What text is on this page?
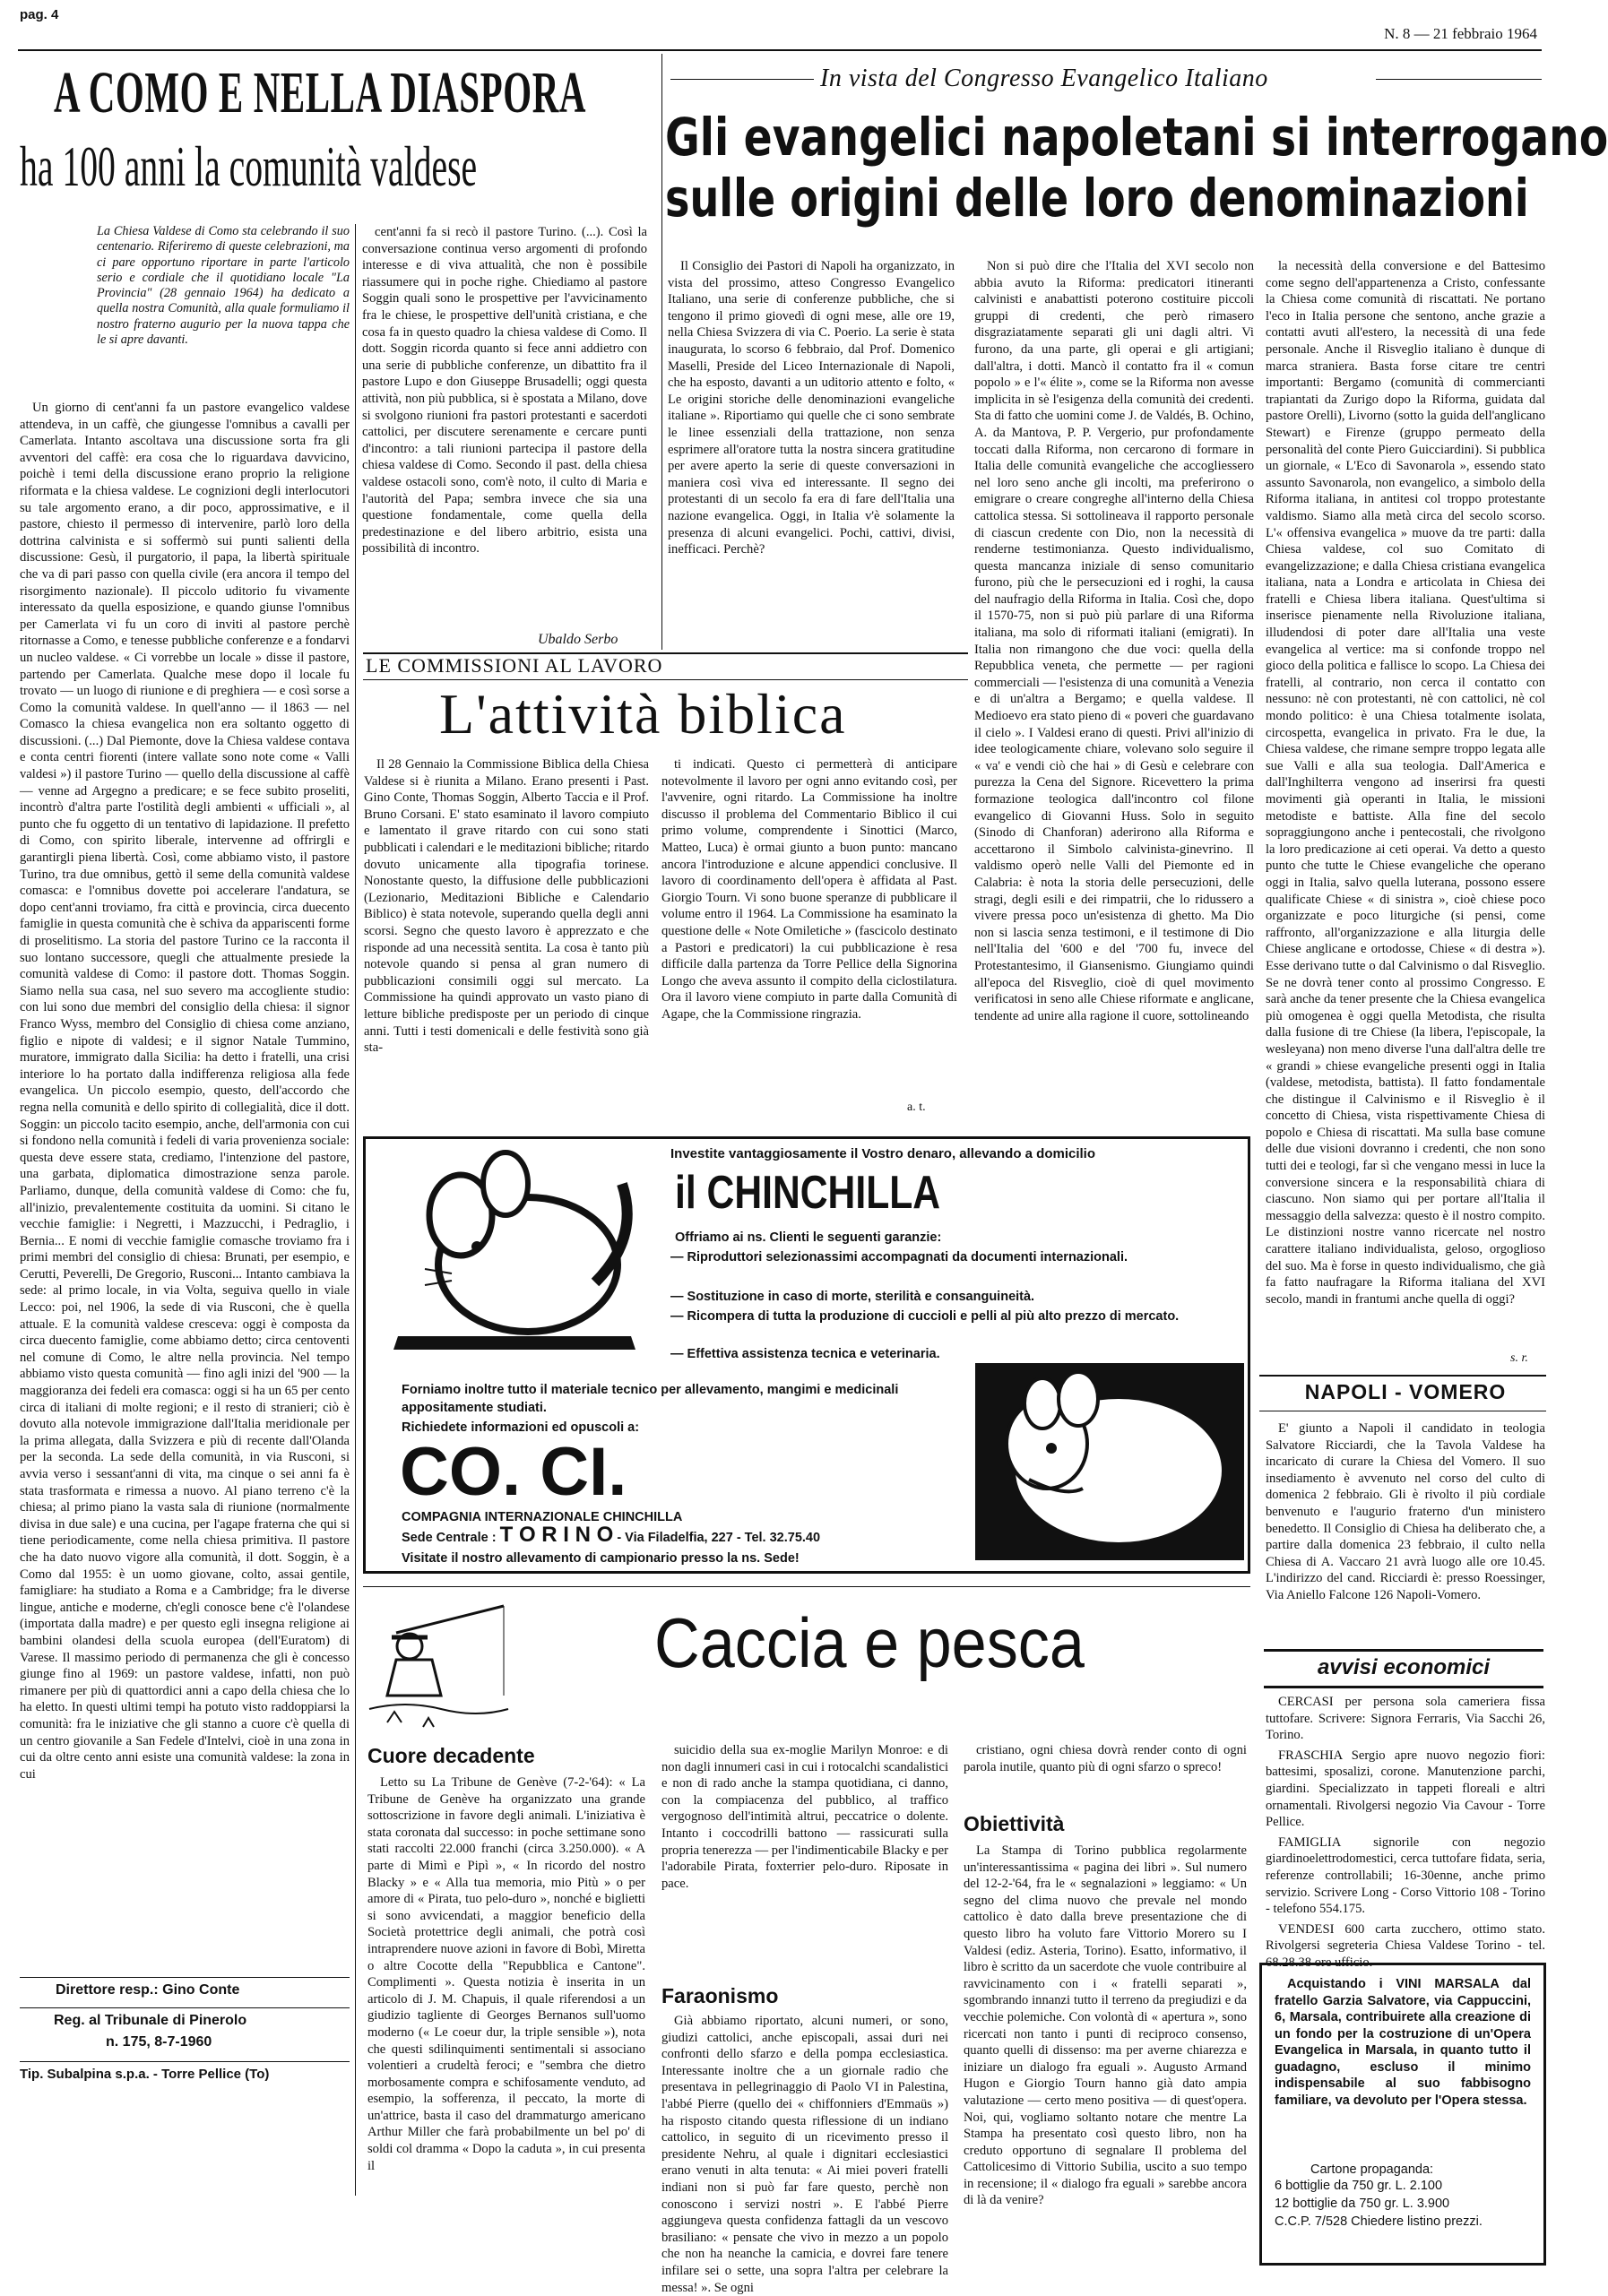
pag. 4
N. 8 — 21 febbraio 1964
A COMO E NELLA DIASPORA
ha 100 anni la comunità valdese
La Chiesa Valdese di Como sta celebrando il suo centenario. Riferiremo di queste celebrazioni, ma ci pare opportuno riportare in parte l'articolo serio e cordiale che il quotidiano locale "La Provincia" (28 gennaio 1964) ha dedicato a quella nostra Comunità, alla quale formuliamo il nostro fraterno augurio per la nuova tappa che le si apre davanti.
Un giorno di cent'anni fa un pastore evangelico valdese attendeva, in un caffè, che giungesse l'omnibus a cavalli per Camerlata. Intanto ascoltava una discussione sorta fra gli avventori del caffè: era cosa che lo riguardava davvicino, poichè i temi della discussione erano proprio la religione riformata e la chiesa valdese. Le cognizioni degli interlocutori su tale argomento erano, a dir poco, approssimative, e il pastore, chiesto il permesso di intervenire, parlò loro della dottrina calvinista e si soffermò sui punti salienti della discussione: Gesù, il purgatorio, il papa, la libertà spirituale che va di pari passo con quella civile (era ancora il tempo del risorgimento nazionale). Il piccolo uditorio fu vivamente interessato da quella esposizione, e quando giunse l'omnibus per Camerlata vi fu un coro di inviti al pastore perchè ritornasse a Como, e tenesse pubbliche conferenze e a fondarvi un nucleo valdese. « Ci vorrebbe un locale » disse il pastore, partendo per Camerlata. Qualche mese dopo il locale fu trovato — un luogo di riunione e di preghiera — e così sorse a Como la comunità valdese. In quell'anno — il 1863 — nel Comasco la chiesa evangelica non era soltanto oggetto di discussioni. (...) Dal Piemonte, dove la Chiesa valdese contava e conta centri fiorenti (intere vallate sono note come « Valli valdesi ») il pastore Turino — quello della discussione al caffè — venne ad Argegno a predicare; e se fece subito proseliti, incontrò d'altra parte l'ostilità degli ambienti « ufficiali », al punto che fu oggetto di un tentativo di lapidazione. Il prefetto di Como, con spirito liberale, intervenne ad offrirgli e garantirgli piena libertà. Così, come abbiamo visto, il pastore Turino, tra due omnibus, gettò il seme della comunità valdese comasca: e l'omnibus dovette poi accelerare l'andatura, se dopo cent'anni troviamo, fra città e provincia, circa duecento famiglie in questa comunità che è schiva da appariscenti forme di proselitismo. La storia del pastore Turino ce la racconta il suo lontano successore, quegli che attualmente presiede la comunità valdese di Como: il pastore dott. Thomas Soggin. Siamo nella sua casa, nel suo severo ma accogliente studio: con lui sono due membri del consiglio della chiesa: il signor Franco Wyss, membro del Consiglio di chiesa come anziano, figlio e nipote di valdesi; e il signor Natale Tummino, muratore, immigrato dalla Sicilia: ha detto i fratelli, una crisi interiore lo ha portato dalla indifferenza religiosa alla fede evangelica. Un piccolo esempio, questo, dell'accordo che regna nella comunità e dello spirito di collegialità, dice il dott. Soggin: un piccolo tacito esempio, anche, dell'armonia con cui si fondono nella comunità i fedeli di varia provenienza sociale: questa deve essere stata, crediamo, l'intenzione del pastore, una garbata, diplomatica dimostrazione senza parole. Parliamo, dunque, della comunità valdese di Como: che fu, all'inizio, prevalentemente costituita da uomini. Si citano le vecchie famiglie: i Negretti, i Mazzucchi, i Pedraglio, i Bernia... E nomi di vecchie famiglie comasche troviamo fra i primi membri del consiglio di chiesa: Brunati, per esempio, e Cerutti, Peverelli, De Gregorio, Rusconi... Intanto cambiava la sede: al primo locale, in via Volta, seguiva quello in viale Lecco: poi, nel 1906, la sede di via Rusconi, che è quella attuale. E la comunità valdese cresceva: oggi è composta da circa duecento famiglie, come abbiamo detto; circa centoventi nel comune di Como, le altre nella provincia. Nel tempo abbiamo visto questa comunità — fino agli inizi del '900 — la maggioranza dei fedeli era comasca: oggi si ha un 65 per cento circa di italiani di molte regioni; e il resto di stranieri; ciò è dovuto alla notevole immigrazione dall'Italia meridionale per la prima allegata, dalla Svizzera e più di recente dall'Olanda per la seconda. La sede della comunità, in via Rusconi, si avvia verso i sessant'anni di vita, ma cinque o sei anni fa è stata trasformata e rimessa a nuovo. Al piano terreno c'è la chiesa; al primo piano la vasta sala di riunione (normalmente divisa in due sale) e una cucina, per l'agape fraterna che qui si tiene periodicamente, come nella chiesa primitiva. Il pastore che ha dato nuovo vigore alla comunità, il dott. Soggin, è a Como dal 1955: è un uomo giovane, colto, assai gentile, famigliare: ha studiato a Roma e a Cambridge; fra le diverse lingue, antiche e moderne, ch'egli conosce bene c'è l'olandese (importata dalla madre) e per questo egli insegna religione ai bambini olandesi della scuola europea (dell'Euratom) di Varese. Il massimo periodo di permanenza che gli è concesso giunge fino al 1969: un pastore valdese, infatti, non può rimanere per più di quattordici anni a capo della chiesa che lo ha eletto. In questi ultimi tempi ha potuto visto raddoppiarsi la comunità: fra le iniziative che gli stanno a cuore c'è quella di un centro giovanile a San Fedele d'Intelvi, cioè in una zona in cui da oltre cento anni esiste una comunità valdese: la zona in cui
cent'anni fa si recò il pastore Turino. (...). Così la conversazione continua verso argomenti di profondo interesse e di viva attualità, che non è possibile riassumere qui in poche righe. Chiediamo al pastore Soggin quali sono le prospettive per l'avvicinamento fra le chiese, le prospettive dell'unità cristiana, e che cosa fa in questo quadro la chiesa valdese di Como. Il dott. Soggin ricorda quanto si fece anni addietro con una serie di pubbliche conferenze, un dibattito fra il pastore Lupo e don Giuseppe Brusadelli; oggi questa attività, non più pubblica, si è spostata a Milano, dove si svolgono riunioni fra pastori protestanti e sacerdoti cattolici, per discutere serenamente e cercare punti d'incontro: a tali riunioni partecipa il pastore della chiesa valdese di Como. Secondo il past. della chiesa valdese ostacoli sono, com'è noto, il culto di Maria e l'autorità del Papa; sembra invece che sia una questione fondamentale, come quella della predestinazione e del libero arbitrio, esista una possibilità di incontro.
Ubaldo Serbo
Direttore resp.: Gino Conte
Reg. al Tribunale di Pinerolo
n. 175, 8-7-1960
Tip. Subalpina s.p.a. - Torre Pellice (To)
In vista del Congresso Evangelico Italiano
Gli evangelici napoletani si interrogano
sulle origini delle loro denominazioni
Il Consiglio dei Pastori di Napoli ha organizzato, in vista del prossimo, atteso Congresso Evangelico Italiano, una serie di conferenze pubbliche, che si tengono il primo giovedì di ogni mese, alle ore 19, nella Chiesa Svizzera di via C. Poerio. La serie è stata inaugurata, lo scorso 6 febbraio, dal Prof. Domenico Maselli, Preside del Liceo Internazionale di Napoli, che ha esposto, davanti a un uditorio attento e folto, « Le origini storiche delle denominazioni evangeliche italiane ». Riportiamo qui quelle che ci sono sembrate le linee essenziali della trattazione, non senza esprimere all'oratore tutta la nostra sincera gratitudine per avere aperto la serie di queste conversazioni in maniera così viva ed interessante. Il segno dei protestanti di un secolo fa era di fare dell'Italia una nazione evangelica. Oggi, in Italia v'è solamente la presenza di alcuni evangelici. Pochi, cattivi, divisi, inefficaci. Perchè?
Non si può dire che l'Italia del XVI secolo non abbia avuto la Riforma: predicatori itineranti calvinisti e anabattisti poterono costituire piccoli gruppi di credenti, che però rimasero disgraziatamente separati gli uni dagli altri. Vi furono, da una parte, gli operai e gli artigiani; dall'altra, i dotti. Mancò il contatto fra il « comun popolo » e l'« élite », come se la Riforma non avesse implicita in sè l'esigenza della comunità dei credenti. Sta di fatto che uomini come J. de Valdés, B. Ochino, A. da Mantova, P. P. Vergerio, pur profondamente toccati dalla Riforma, non cercarono di formare in Italia delle comunità evangeliche che accogliessero nel loro seno anche gli incolti, ma preferirono o emigrare o creare congreghe all'interno della Chiesa cattolica stessa. Si sottolineava il rapporto personale di ciascun credente con Dio, non la necessità di renderne testimonianza. Questo individualismo, questa mancanza iniziale di senso comunitario furono, più che le persecuzioni ed i roghi, la causa del naufragio della Riforma in Italia. Così che, dopo il 1570-75, non si può più parlare di una Riforma italiana, ma solo di riformati italiani (emigrati). In Italia non rimangono che due voci: quella della Repubblica veneta, che permette — per ragioni commerciali — l'esistenza di una comunità a Venezia e di un'altra a Bergamo; e quella valdese. Il Medioevo era stato pieno di « poveri che guardavano il cielo ». I Valdesi erano di questi. Privi all'inizio di idee teologicamente chiare, volevano solo seguire il « va' e vendi ciò che hai » di Gesù e celebrare con purezza la Cena del Signore. Ricevettero la prima formazione teologica dall'incontro col filone evangelico di Giovanni Huss. Solo in seguito (Sinodo di Chanforan) aderirono alla Riforma e accettarono il Simbolo calvinista-ginevrino. Il valdismo operò nelle Valli del Piemonte ed in Calabria: è nota la storia delle persecuzioni, delle stragi, degli esili e dei rimpatrii, che lo ridussero a vivere pressa poco un'esistenza di ghetto. Ma Dio non si lascia senza testimoni, e il testimone di Dio nell'Italia del '600 e del '700 fu, invece del Protestantesimo, il Giansenismo. Giungiamo quindi all'epoca del Risveglio, cioè di quel movimento verificatosi in seno alle Chiese riformate e anglicane, tendente ad unire alla ragione il cuore, sottolineando
la necessità della conversione e del Battesimo come segno dell'appartenenza a Cristo, confessante la Chiesa come comunità di riscattati. Ne portano l'eco in Italia persone che sentono, anche grazie a contatti avuti all'estero, la necessità di una fede personale. Anche il Risveglio italiano è dunque di marca straniera. Basta forse citare tre centri importanti: Bergamo (comunità di commercianti trapiantati da Zurigo dopo la Riforma, guidata dal pastore Orelli), Livorno (sotto la guida dell'anglicano Stewart) e Firenze (gruppo permeato della personalità del conte Piero Guicciardini). Si pubblica un giornale, « L'Eco di Savonarola », essendo stato assunto Savonarola, non evangelico, a simbolo della Riforma italiana, in antitesi col troppo protestante valdismo. Siamo alla metà circa del secolo scorso. L'« offensiva evangelica » muove da tre parti: dalla Chiesa valdese, col suo Comitato di evangelizzazione; e dalla Chiesa cristiana evangelica italiana, nata a Londra e articolata in Chiesa dei fratelli e Chiesa libera italiana. Quest'ultima si inserisce pienamente nella Rivoluzione italiana, illudendosi di poter dare all'Italia una veste evangelica al vertice: ma si confonde troppo nel gioco della politica e fallisce lo scopo. La Chiesa dei fratelli, al contrario, non cerca il contatto con nessuno: nè con protestanti, nè con cattolici, nè col mondo politico: è una Chiesa totalmente isolata, circospetta, evangelica in privato. Fra le due, la Chiesa valdese, che rimane sempre troppo legata alle sue Valli e alla sua teologia. Dall'America e dall'Inghilterra vengono ad inserirsi fra questi movimenti già operanti in Italia, le missioni metodiste e battiste. Alla fine del secolo sopraggiungono anche i pentecostali, che rivolgono la loro predicazione ai ceti operai. Va detto a questo punto che tutte le Chiese evangeliche che operano oggi in Italia, salvo quella luterana, possono essere qualificate Chiese « di sinistra », cioè chiese poco organizzate e poco liturgiche (si pensi, come raffronto, all'organizzazione e alla liturgia delle Chiese anglicane e ortodosse, Chiese « di destra »). Esse derivano tutte o dal Calvinismo o dal Risveglio. Se ne dovrà tener conto al prossimo Congresso. E sarà anche da tener presente che la Chiesa evangelica più omogenea è oggi quella Metodista, che risulta dalla fusione di tre Chiese (la libera, l'episcopale, la wesleyana) non meno diverse l'una dall'altra delle tre « grandi » chiese evangeliche presenti oggi in Italia (valdese, metodista, battista). Il fatto fondamentale che distingue il Calvinismo e il Risveglio è il concetto di Chiesa, vista rispettivamente Chiesa di popolo e Chiesa di riscattati. Ma sulla base comune delle due visioni dovranno i credenti, che non sono tutti dei e teologi, far sì che vengano messi in luce la conversione sincera e la responsabilità chiara di ciascuno. Non siamo qui per portare all'Italia il messaggio della salvezza: questo è il nostro compito. Le distinzioni nostre vanno ricercate nel nostro carattere italiano individualista, geloso, orgoglioso del suo. Ma è forse in questo individualismo, che già fa fatto naufragare la Riforma italiana del XVI secolo, mandi in frantumi anche quella di oggi?
s. r.
NAPOLI - VOMERO
E' giunto a Napoli il candidato in teologia Salvatore Ricciardi, che la Tavola Valdese ha incaricato di curare la Chiesa del Vomero. Il suo insediamento è avvenuto nel corso del culto di domenica 2 febbraio. Gli è rivolto il più cordiale benvenuto e l'augurio fraterno d'un ministero benedetto. Il Consiglio di Chiesa ha deliberato che, a partire dalla domenica 23 febbraio, il culto nella Chiesa di A. Vaccaro 21 avrà luogo alle ore 10.45. L'indirizzo del cand. Ricciardi è: presso Roessinger, Via Aniello Falcone 126 Napoli-Vomero.
LE COMMISSIONI AL LAVORO
L'attività biblica
Il 28 Gennaio la Commissione Biblica della Chiesa Valdese si è riunita a Milano. Erano presenti i Past. Gino Conte, Thomas Soggin, Alberto Taccia e il Prof. Bruno Corsani. E' stato esaminato il lavoro compiuto e lamentato il grave ritardo con cui sono stati pubblicati i calendari e le meditazioni bibliche; ritardo dovuto unicamente alla tipografia torinese. Nonostante questo, la diffusione delle pubblicazioni (Lezionario, Meditazioni Bibliche e Calendario Biblico) è stata notevole, superando quella degli anni scorsi. Segno che questo lavoro è apprezzato e che risponde ad una necessità sentita. La cosa è tanto più notevole quando si pensa al gran numero di pubblicazioni consimili oggi sul mercato. La Commissione ha quindi approvato un vasto piano di letture bibliche predisposte per un periodo di cinque anni. Tutti i testi domenicali e delle festività sono già sta-
ti indicati. Questo ci permetterà di anticipare notevolmente il lavoro per ogni anno evitando così, per l'avvenire, ogni ritardo. La Commissione ha inoltre discusso il problema del Commentario Biblico il cui primo volume, comprendente i Sinottici (Marco, Matteo, Luca) è ormai giunto a buon punto: mancano ancora l'introduzione e alcune appendici conclusive. Il lavoro di coordinamento dell'opera è affidata al Past. Giorgio Tourn. Vi sono buone speranze di pubblicare il volume entro il 1964. La Commissione ha esaminato la questione delle « Note Omiletiche » (fascicolo destinato a Pastori e predicatori) la cui pubblicazione è resa difficile dalla partenza da Torre Pellice della Signorina Longo che aveva assunto il compito della ciclostilatura. Ora il lavoro viene compiuto in parte dalla Comunità di Agape, che la Commissione ringrazia.
a. t.
Investite vantaggiosamente il Vostro denaro, allevando a domicilio
il CHINCHILLA
Offriamo ai ns. Clienti le seguenti garanzie:
— Riproduttori selezionassimi accompagnati da documenti internazionali.
— Sostituzione in caso di morte, sterilità e consanguineità.
— Ricompera di tutta la produzione di cuccioli e pelli al più alto prezzo di mercato.
— Effettiva assistenza tecnica e veterinaria.
Forniamo inoltre tutto il materiale tecnico per allevamento, mangimi e medicinali appositamente studiati.
Richiedete informazioni ed opuscoli a:
CO. CI.
COMPAGNIA INTERNAZIONALE CHINCHILLA
Sede Centrale : T O R I N O - Via Filadelfia, 227 - Tel. 32.75.40
Visitate il nostro allevamento di campionario presso la ns. Sede!
Caccia e pesca
Cuore decadente
Letto su La Tribune de Genève (7-2-'64): « La Tribune de Genève ha organizzato una grande sottoscrizione in favore degli animali. L'iniziativa è stata coronata dal successo: in poche settimane sono stati raccolti 22.000 franchi (circa 3.250.000). « A parte di Mimì e Pipì », « In ricordo del nostro Blacky » e « Alla tua memoria, mio Pitù » o per amore di « Pirata, tuo pelo-duro », nonché e biglietti si sono avvicendati, a maggior beneficio della Società protettrice degli animali, che potrà così intraprendere nuove azioni in favore di Bobì, Miretta o altre Cocotte della "Repubblica e Cantone". Complimenti ». Questa notizia è inserita in un articolo di J. M. Chapuis, il quale riferendosi a un giudizio tagliente di Georges Bernanos sull'uomo moderno (« Le coeur dur, la triple sensible »), nota che questi sdilinquimenti sentimentali si associano volentieri a crudeltà feroci; e "sembra che dietro morbosamente compra e schifosamente venduto, ad esempio, la sofferenza, il peccato, la morte di un'attrice, basta il caso del drammaturgo americano Arthur Miller che farà probabilmente un bel po' di soldi col dramma « Dopo la caduta », in cui presenta il
suicidio della sua ex-moglie Marilyn Monroe: e di non dagli innumeri casi in cui i rotocalchi scandalistici e non di rado anche la stampa quotidiana, ci danno, con la compiacenza del pubblico, al traffico vergognoso dell'intimità altrui, peccatrice o dolente. Intanto i coccodrilli battono — rassicurati sulla propria tenerezza — per l'indimenticabile Blacky e per l'adorabile Pirata, foxterrier pelo-duro. Riposate in pace.
Faraonismo
Già abbiamo riportato, alcuni numeri, or sono, giudizi cattolici, anche episcopali, assai duri nei confronti dello sfarzo e della pompa ecclesiastica. Interessante inoltre che a un giornale radio che presentava in pellegrinaggio di Paolo VI in Palestina, l'abbé Pierre (quello dei « chiffonniers d'Emmaüs ») ha risposto citando questa riflessione di un indiano cattolico, in seguito di un ricevimento presso il presidente Nehru, al quale i dignitari ecclesiastici erano venuti in alta tenuta: « Ai miei poveri fratelli indiani non si può far fare questo, perchè non conoscono i servizi nostri ». E l'abbé Pierre aggiungeva questa confidenza fattagli da un vescovo brasiliano: « pensate che vivo in mezzo a un popolo che non ha neanche la camicia, e dovrei fare tenere infilare sei o sette, una sopra l'altra per celebrare la messa! ». Se ogni
cristiano, ogni chiesa dovrà render conto di ogni parola inutile, quanto più di ogni sfarzo o spreco!
Obiettività
La Stampa di Torino pubblica regolarmente un'interessantissima « pagina dei libri ». Sul numero del 12-2-'64, fra le « segnalazioni » leggiamo: « Un segno del clima nuovo che prevale nel mondo cattolico è dato dalla breve presentazione che di questo libro ha voluto fare Vittorio Morero su I Valdesi (ediz. Asteria, Torino). Esatto, informativo, il libro è scritto da un sacerdote che vuole contribuire al ravvicinamento con i « fratelli separati », sgombrando innanzi tutto il terreno da pregiudizi e da vecchie polemiche. Con volontà di « apertura », sono ricercati non tanto i punti di reciproco consenso, quanto quelli di dissenso: ma per averne chiarezza e iniziare un dialogo fra eguali ». Augusto Armand Hugon e Giorgio Tourn hanno già dato ampia valutazione — certo meno positiva — di quest'opera. Noi, qui, vogliamo soltanto notare che mentre La Stampa ha presentato così questo libro, non ha creduto opportuno di segnalare Il problema del Cattolicesimo di Vittorio Subilia, uscito a suo tempo in recensione; il « dialogo fra eguali » sarebbe ancora di là da venire?
avvisi economici

CERCASI per persona sola cameriera fissa tuttofare. Scrivere: Signora Ferraris, Via Sacchi 26, Torino.

FRASCHIA Sergio apre nuovo negozio fiori: battesimi, sposalizi, corone. Manutenzione parchi, giardini. Specializzato in tappeti floreali e altri ornamentali. Rivolgersi negozio Via Cavour - Torre Pellice.

FAMIGLIA signorile con negozio giardinoelettrodomestici, cerca tuttofare fidata, seria, referenze controllabili; 16-30enne, anche primo servizio. Scrivere Long - Corso Vittorio 108 - Torino - telefono 554.175.

VENDESI 600 carta zucchero, ottimo stato. Rivolgersi segreteria Chiesa Valdese Torino - tel. 68.28.38 ore ufficio.

Acquistando i VINI MARSALA dal fratello Garzia Salvatore, via Cappuccini, 6, Marsala, contribuirete alla creazione di un fondo per la costruzione di un'Opera Evangelica in Marsala, in quanto tutto il guadagno, escluso il minimo indispensabile al suo fabbisogno familiare, va devoluto per l'Opera stessa.
Cartone propaganda:
6 bottiglie da 750 gr. L. 2.100
12 bottiglie da 750 gr. L. 3.900
C.C.P. 7/528 Chiedere listino prezzi.
